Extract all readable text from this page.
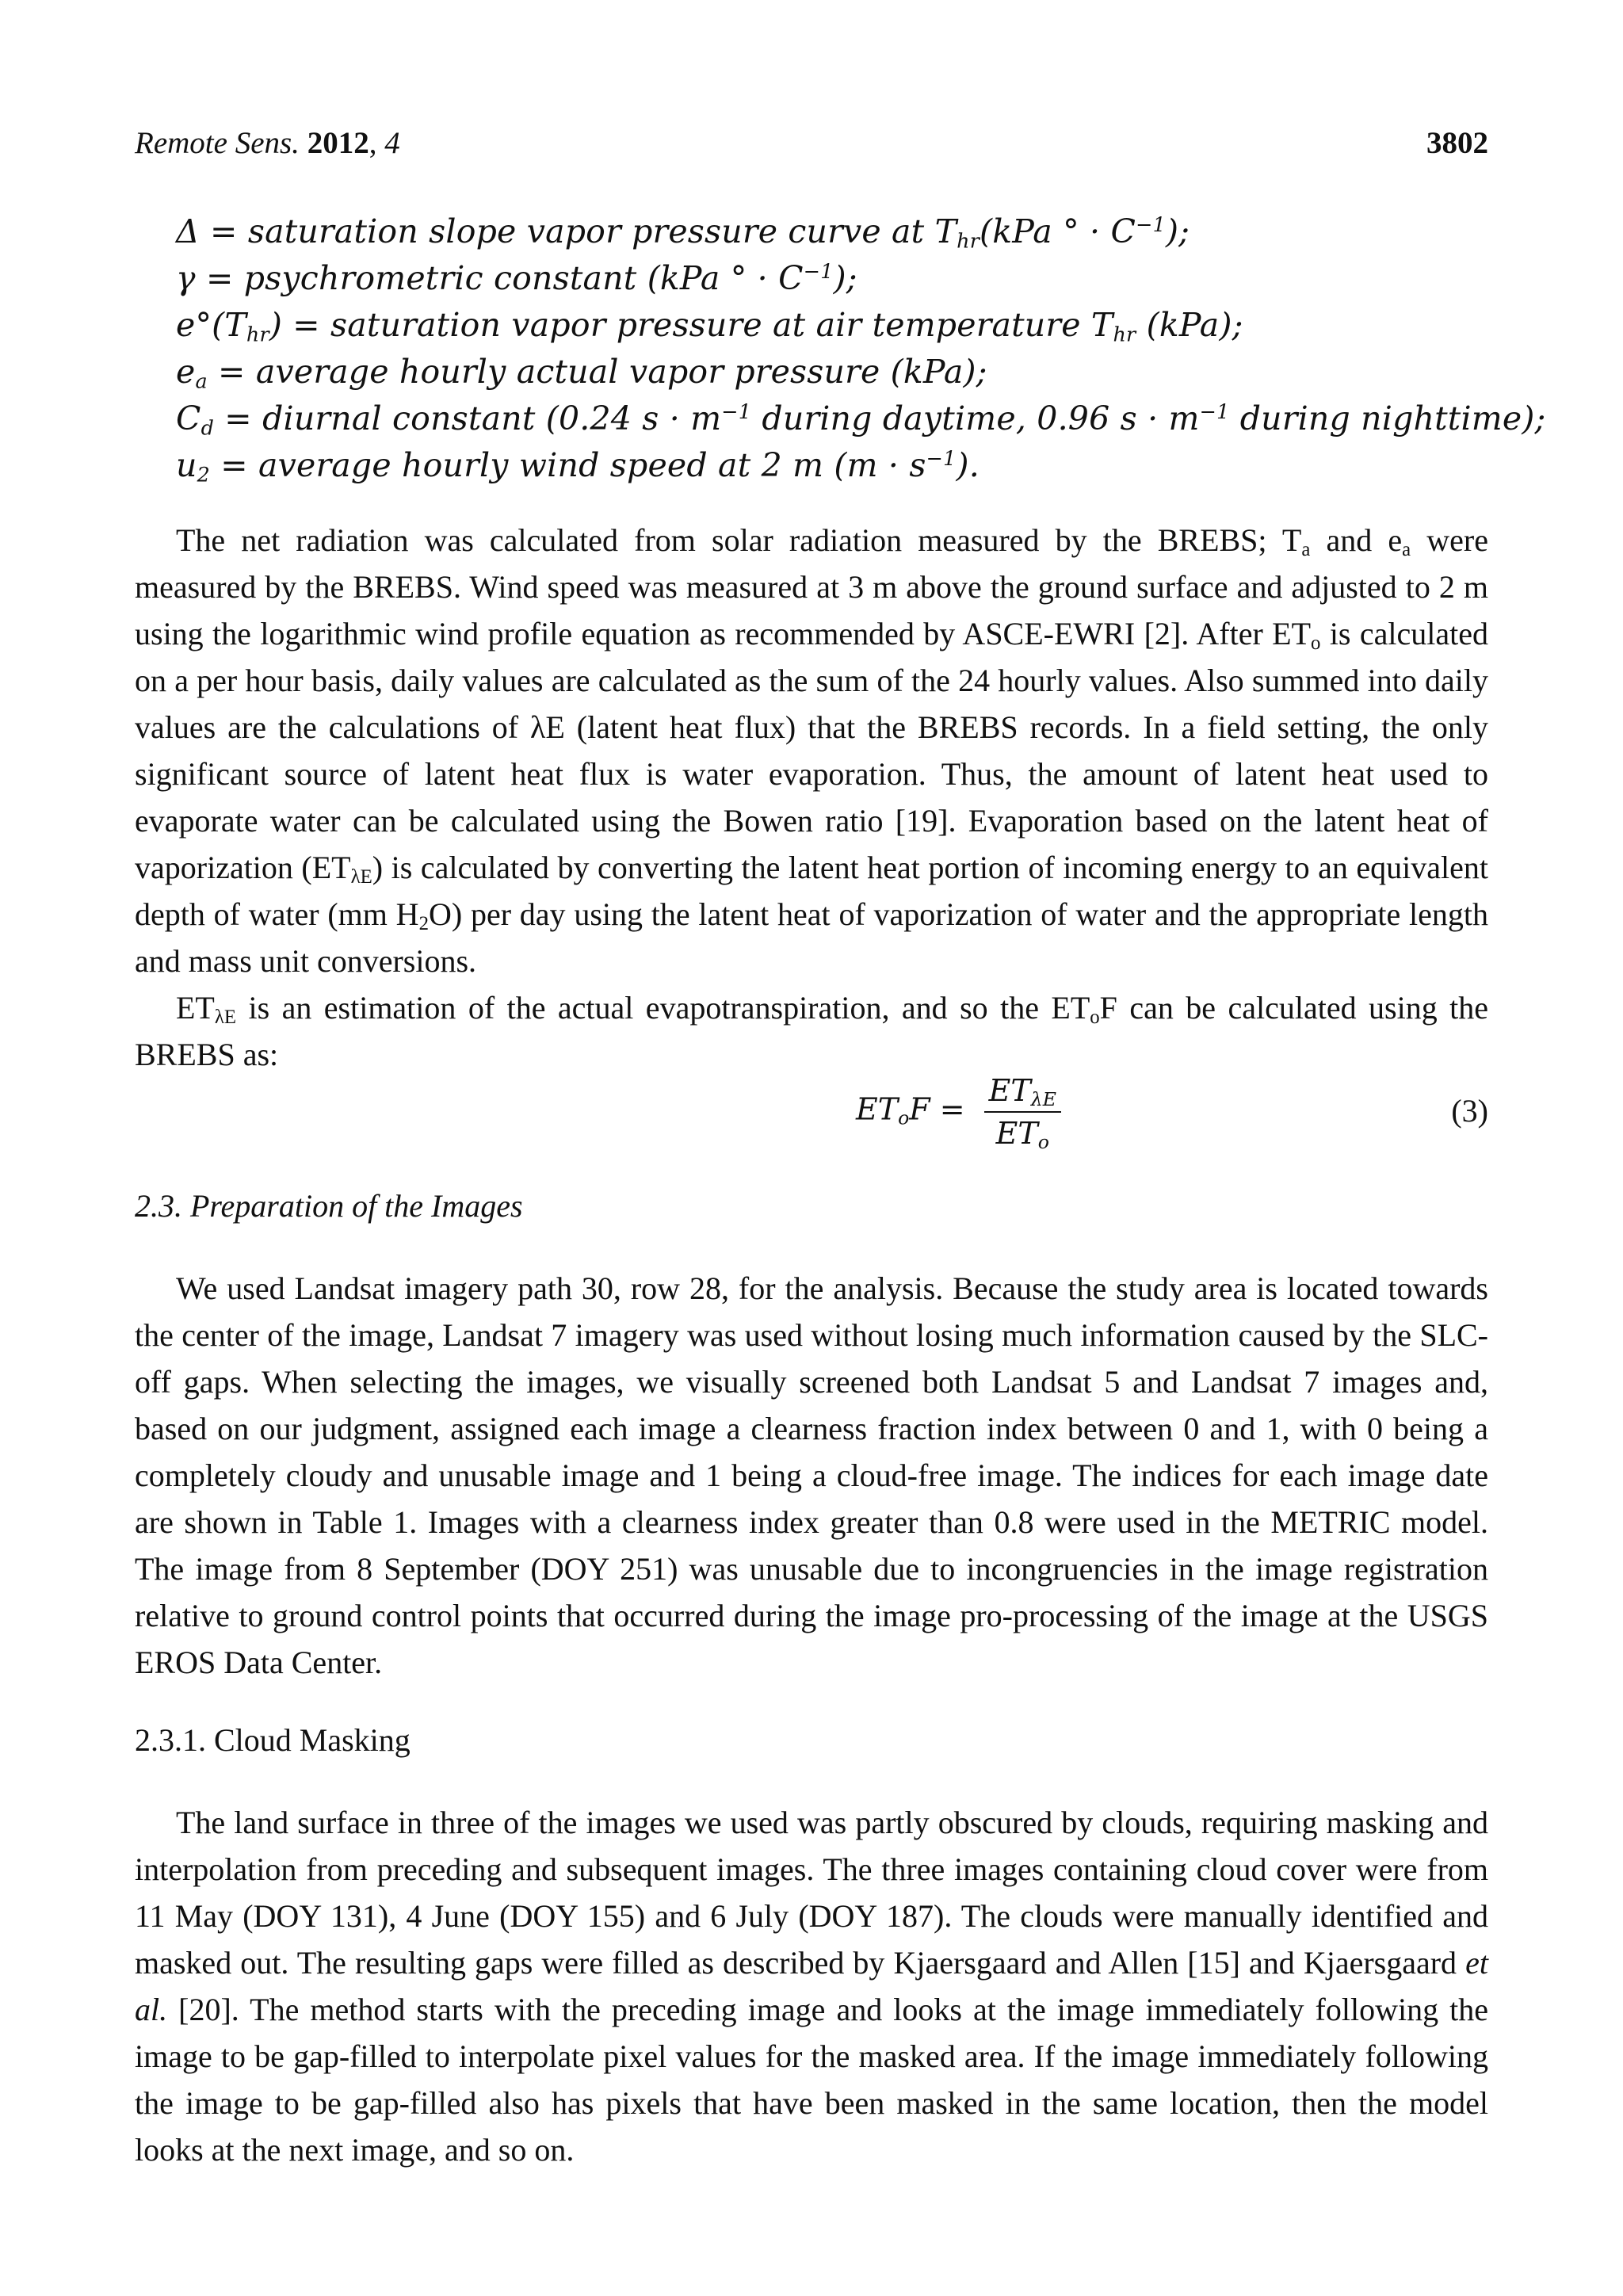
Remote Sens. 2012, 4	3802
Δ = saturation slope vapor pressure curve at $T_{hr}(kPa$ ° · $C^{-1}$);
γ = psychrometric constant (kPa ° · $C^{-1}$);
$e^\circ(T_{hr})$ = saturation vapor pressure at air temperature $T_{hr}$ (kPa);
$e_a$ = average hourly actual vapor pressure (kPa);
$C_d$ = diurnal constant (0.24 $s \cdot m^{-1}$ during daytime, 0.96 $s \cdot m^{-1}$ during nighttime);
$u_2$ = average hourly wind speed at 2 m $(m \cdot s^{-1})$.

The net radiation was calculated from solar radiation measured by the BREBS; $T_a$ and $e_a$ were measured by the BREBS. Wind speed was measured at 3 m above the ground surface and adjusted to 2 m using the logarithmic wind profile equation as recommended by ASCE-EWRI [2]. After $ET_o$ is calculated on a per hour basis, daily values are calculated as the sum of the 24 hourly values. Also summed into daily values are the calculations of λE (latent heat flux) that the BREBS records. In a field setting, the only significant source of latent heat flux is water evaporation. Thus, the amount of latent heat used to evaporate water can be calculated using the Bowen ratio [19]. Evaporation based on the latent heat of vaporization $(ET_{\lambda E})$ is calculated by converting the latent heat portion of incoming energy to an equivalent depth of water (mm $H_2O$) per day using the latent heat of vaporization of water and the appropriate length and mass unit conversions.

$ET_{\lambda E}$ is an estimation of the actual evapotranspiration, and so the $ET_oF$ can be calculated using the BREBS as:

$ET_oF = \frac{ET_{\lambda E}}{ET_o}$	(3)
2.3. Preparation of the Images

We used Landsat imagery path 30, row 28, for the analysis. Because the study area is located towards the center of the image, Landsat 7 imagery was used without losing much information caused by the SLC-off gaps. When selecting the images, we visually screened both Landsat 5 and Landsat 7 images and, based on our judgment, assigned each image a clearness fraction index between 0 and 1, with 0 being a completely cloudy and unusable image and 1 being a cloud-free image. The indices for each image date are shown in Table 1. Images with a clearness index greater than 0.8 were used in the METRIC model. The image from 8 September (DOY 251) was unusable due to incongruencies in the image registration relative to ground control points that occurred during the image pro-processing of the image at the USGS EROS Data Center.

2.3.1. Cloud Masking

The land surface in three of the images we used was partly obscured by clouds, requiring masking and interpolation from preceding and subsequent images. The three images containing cloud cover were from 11 May (DOY 131), 4 June (DOY 155) and 6 July (DOY 187). The clouds were manually identified and masked out. The resulting gaps were filled as described by Kjaersgaard and Allen [15] and Kjaersgaard et al. [20]. The method starts with the preceding image and looks at the image immediately following the image to be gap-filled to interpolate pixel values for the masked area. If the image immediately following the image to be gap-filled also has pixels that have been masked in the same location, then the model looks at the next image, and so on.
